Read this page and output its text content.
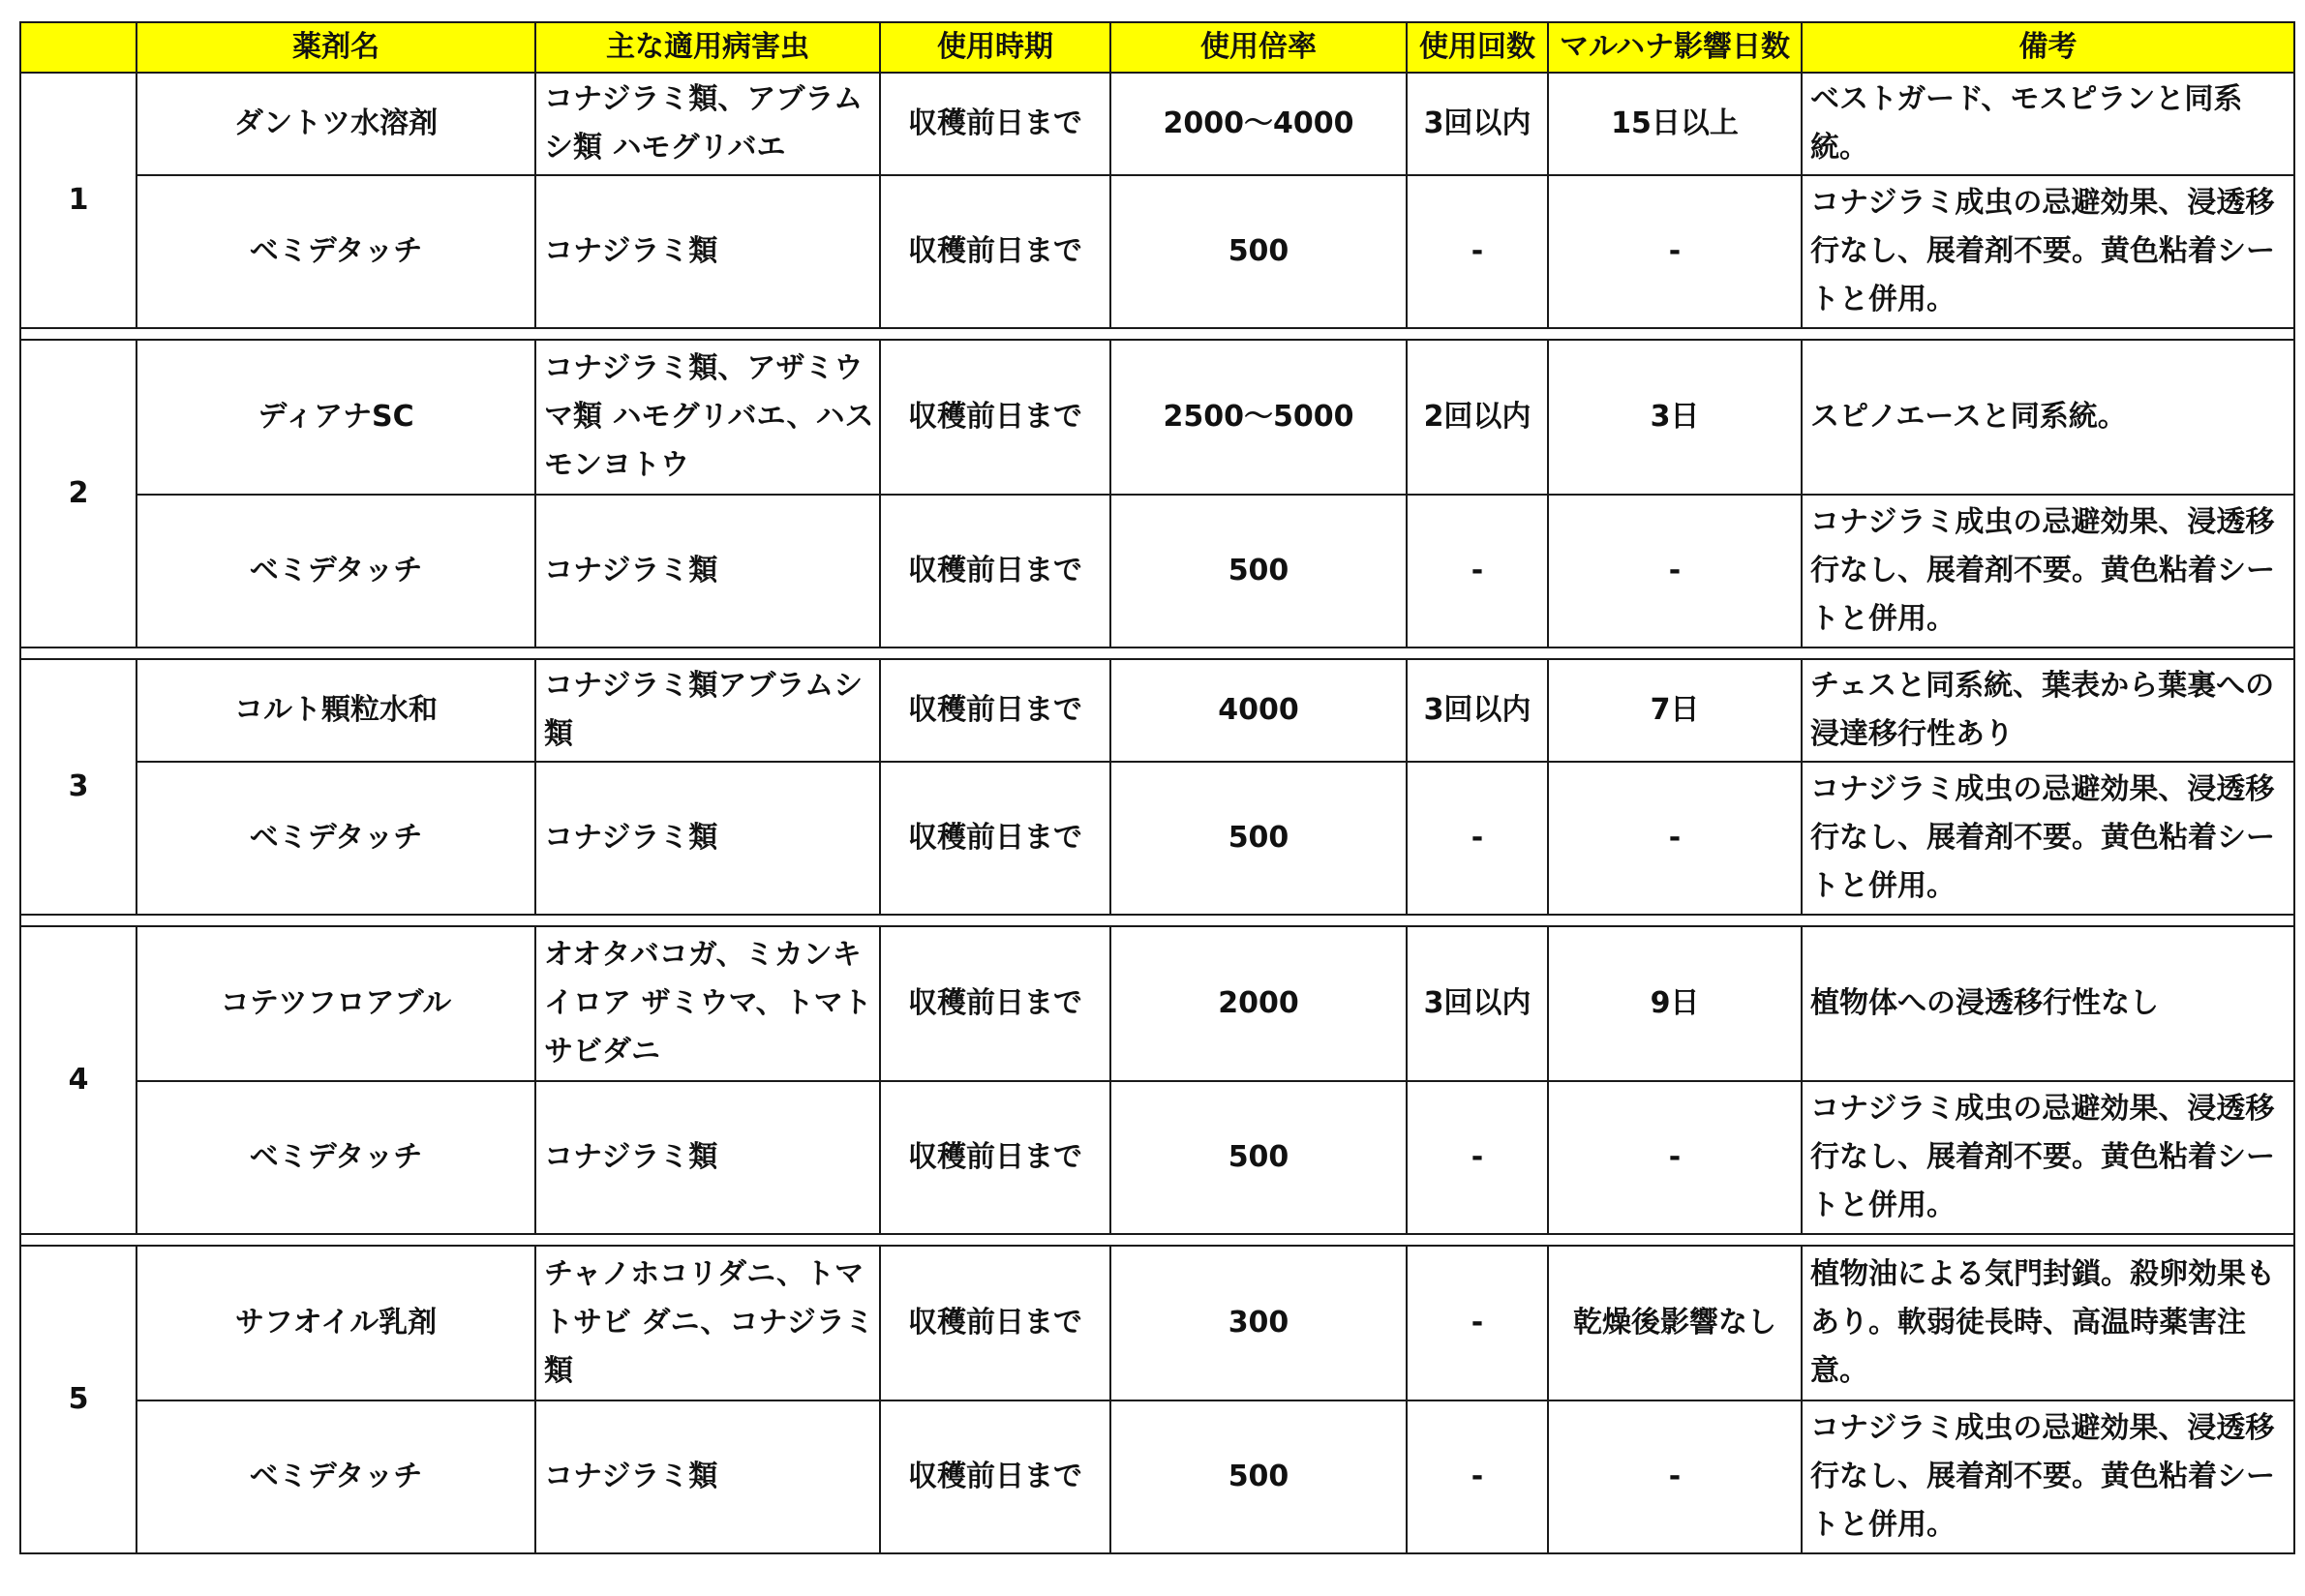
	薬剤名	主な適用病害虫	使用時期	使用倍率	使用回数	マルハナ影響日数	備考
1	ダントツ水溶剤	コナジラミ類、アブラムシ類 ハモグリバエ	収穫前日まで	2000～4000	3回以内	15日以上	ベストガード、モスピランと同系統。
	ベミデタッチ	コナジラミ類	収穫前日まで	500	-	-	コナジラミ成虫の忌避効果、浸透移行なし、展着剤不要。黄色粘着シートと併用。

2	ディアナSC	コナジラミ類、アザミウマ類 ハモグリバエ、ハスモンヨトウ	収穫前日まで	2500～5000	2回以内	3日	スピノエースと同系統。
	ベミデタッチ	コナジラミ類	収穫前日まで	500	-	-	コナジラミ成虫の忌避効果、浸透移行なし、展着剤不要。黄色粘着シートと併用。

3	コルト顆粒水和	コナジラミ類アブラムシ類	収穫前日まで	4000	3回以内	7日	チェスと同系統、葉表から葉裏への浸達移行性あり
	ベミデタッチ	コナジラミ類	収穫前日まで	500	-	-	コナジラミ成虫の忌避効果、浸透移行なし、展着剤不要。黄色粘着シートと併用。

4	コテツフロアブル	オオタバコガ、ミカンキイロア ザミウマ、トマトサビダニ	収穫前日まで	2000	3回以内	9日	植物体への浸透移行性なし
	ベミデタッチ	コナジラミ類	収穫前日まで	500	-	-	コナジラミ成虫の忌避効果、浸透移行なし、展着剤不要。黄色粘着シートと併用。

5	サフオイル乳剤	チャノホコリダニ、トマトサビ ダニ、コナジラミ類	収穫前日まで	300	-	乾燥後影響なし	植物油による気門封鎖。殺卵効果もあり。軟弱徒長時、高温時薬害注意。
	ベミデタッチ	コナジラミ類	収穫前日まで	500	-	-	コナジラミ成虫の忌避効果、浸透移行なし、展着剤不要。黄色粘着シートと併用。
